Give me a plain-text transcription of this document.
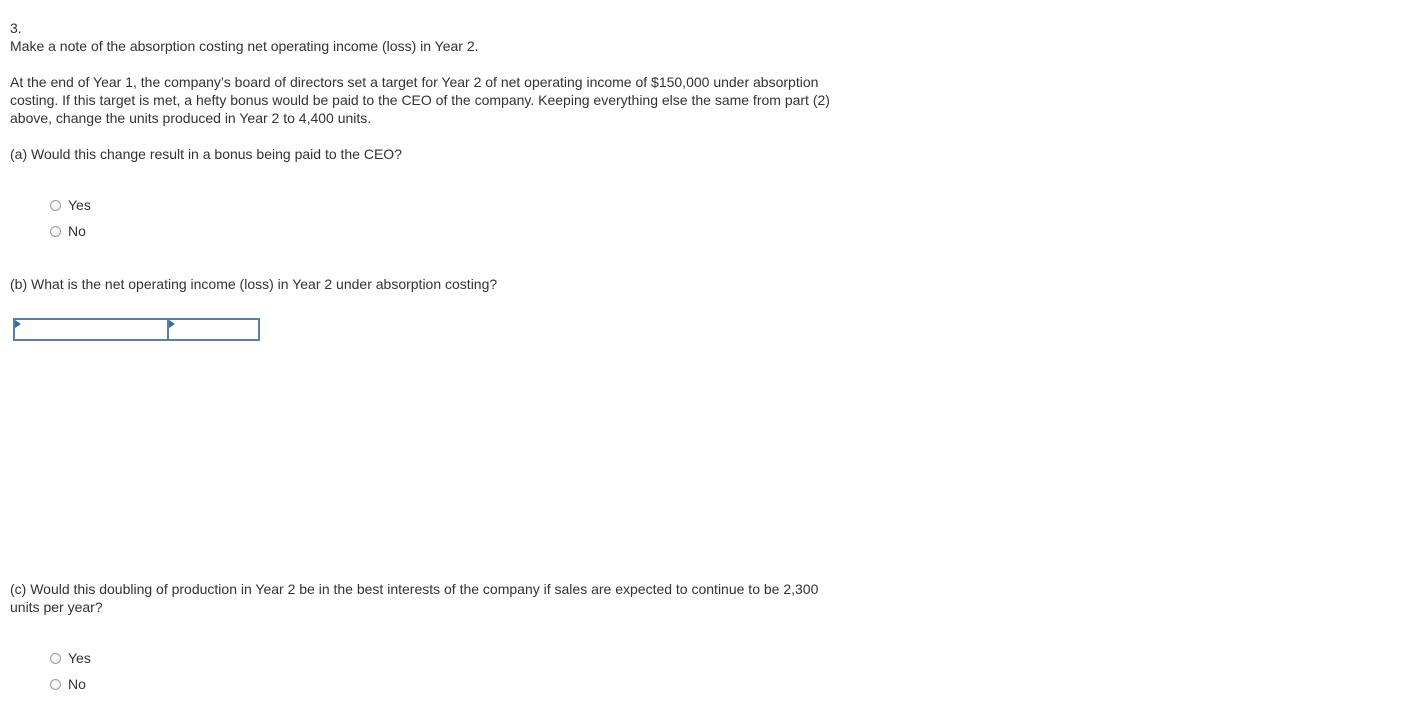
3.
Make a note of the absorption costing net operating income (loss) in Year 2.
At the end of Year 1, the company’s board of directors set a target for Year 2 of net operating income of $150,000 under absorption
costing. If this target is met, a hefty bonus would be paid to the CEO of the company. Keeping everything else the same from part (2)
above, change the units produced in Year 2 to 4,400 units.
(a) Would this change result in a bonus being paid to the CEO?
Yes
No
(b) What is the net operating income (loss) in Year 2 under absorption costing?
(c) Would this doubling of production in Year 2 be in the best interests of the company if sales are expected to continue to be 2,300
units per year?
Yes
No
